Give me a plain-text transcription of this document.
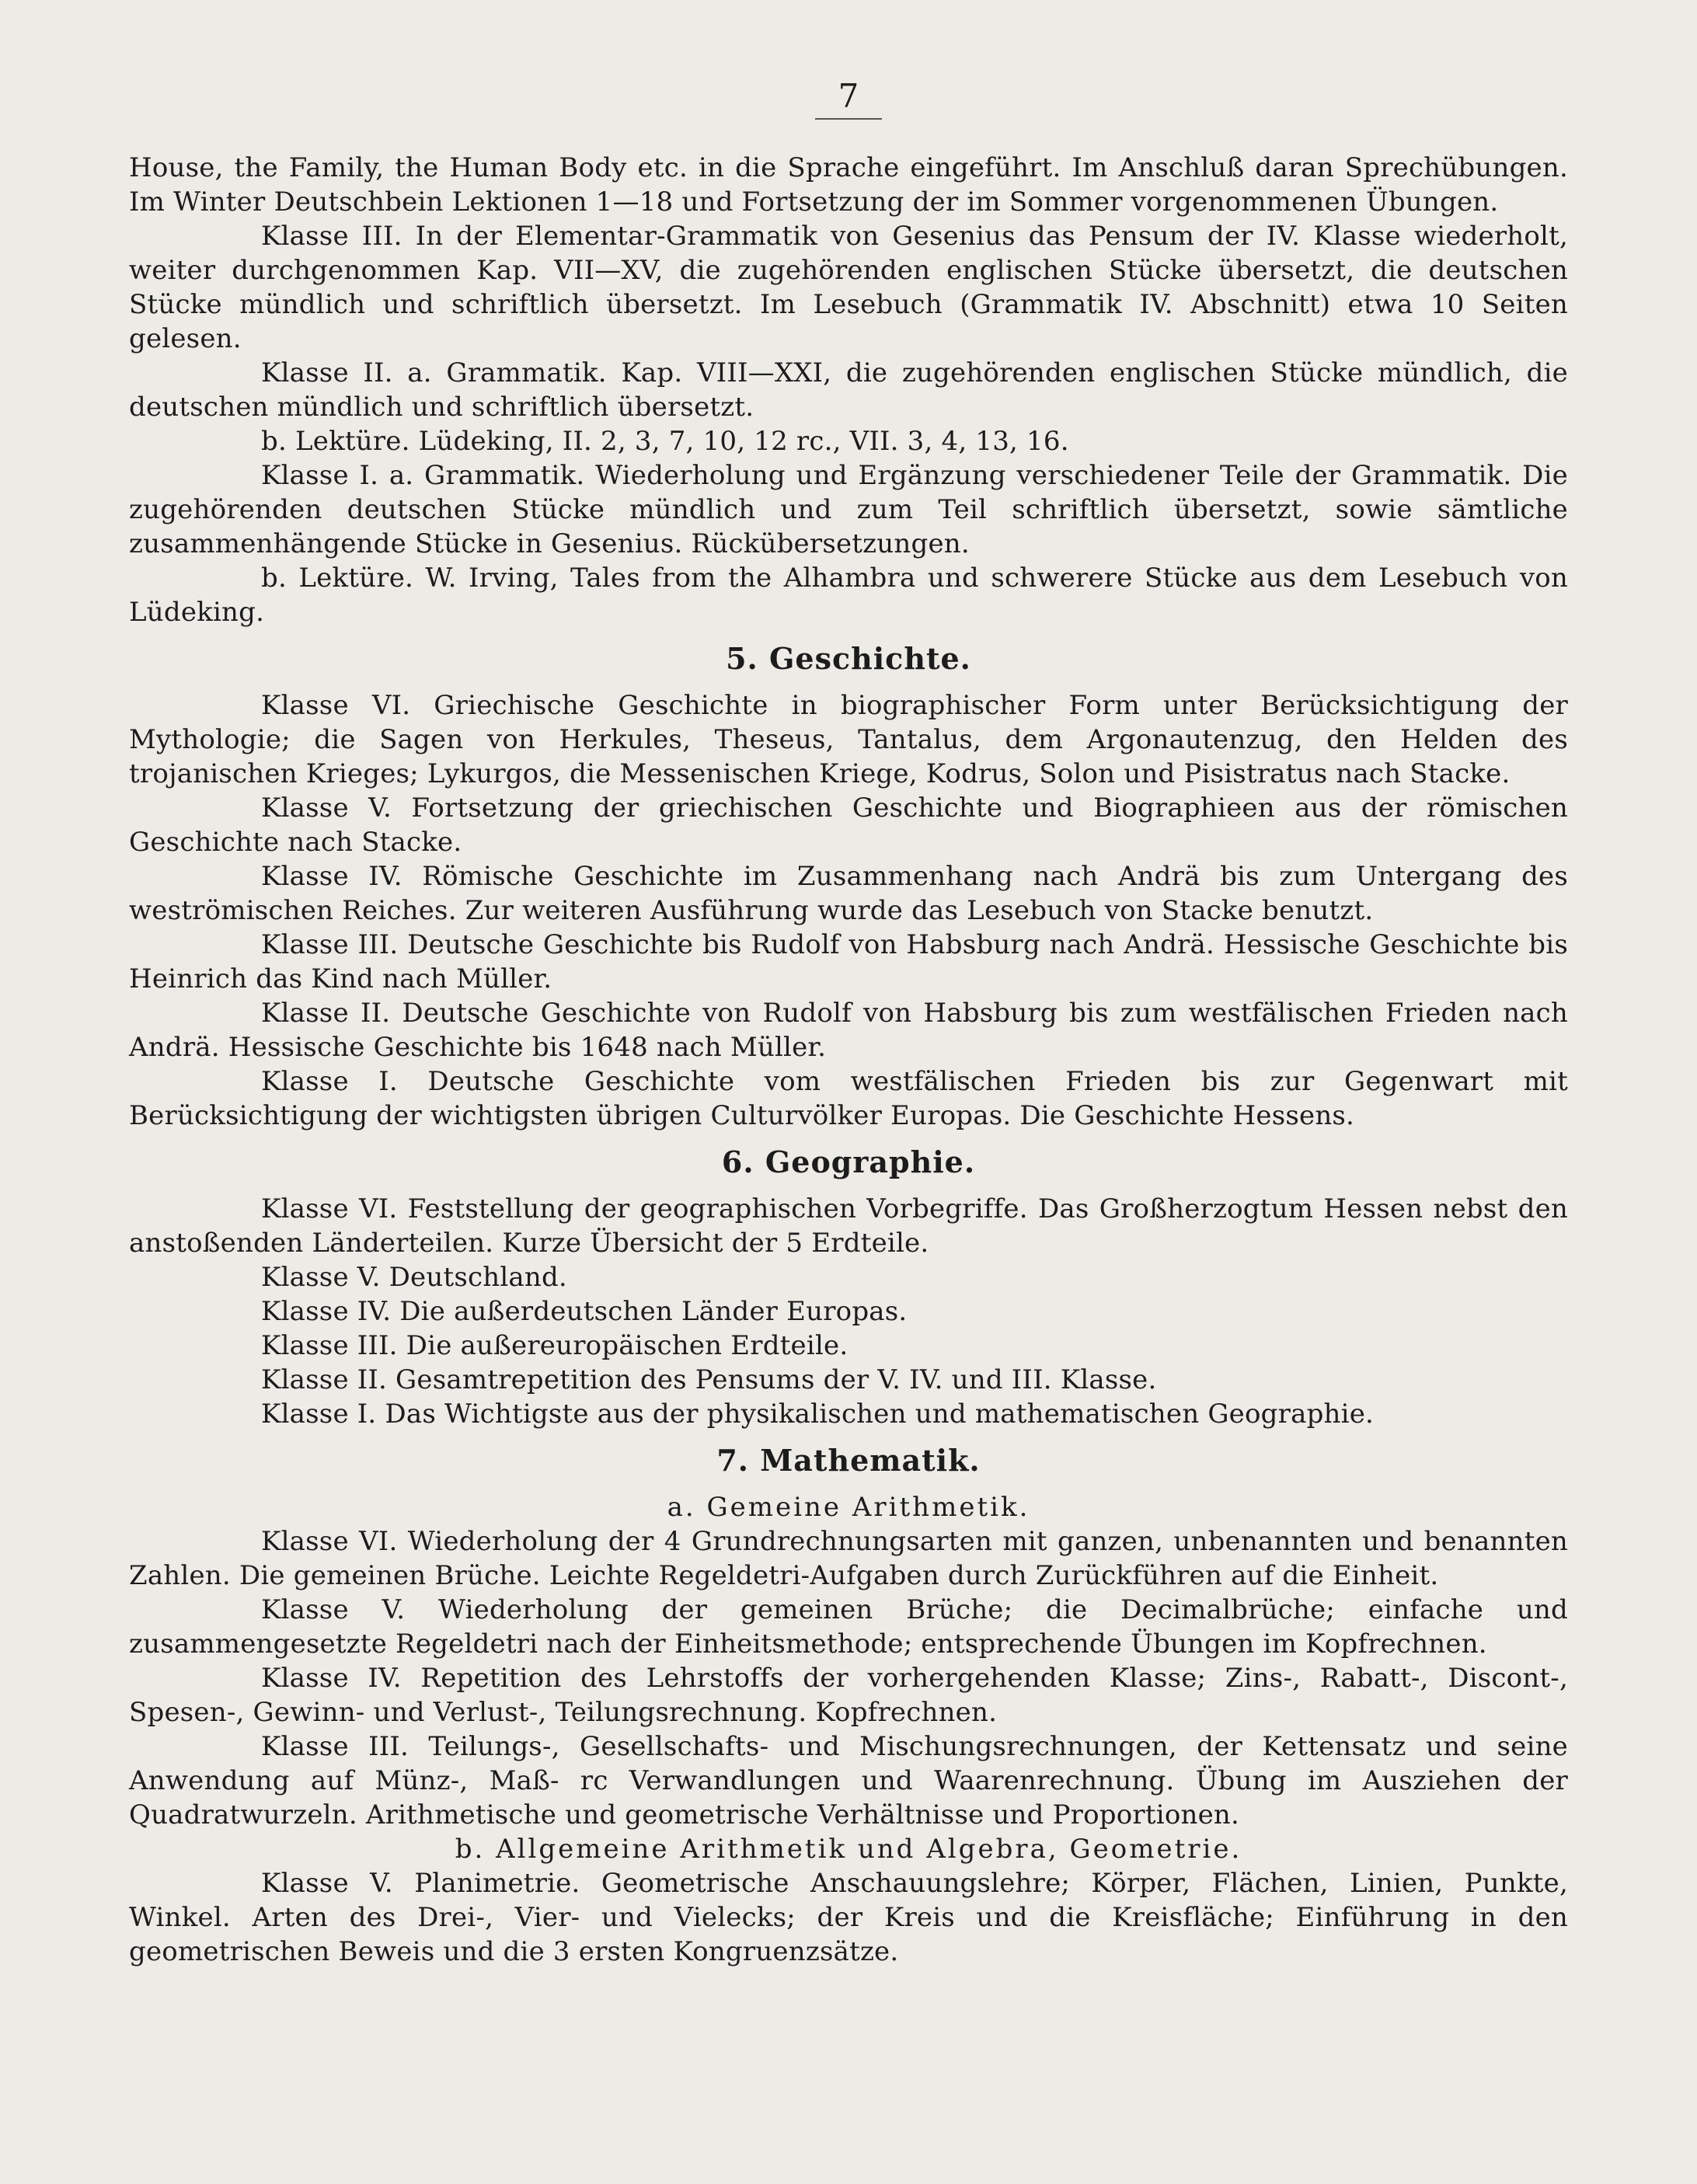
7

House, the Family, the Human Body etc. in die Sprache eingeführt. Im Anschluß daran Sprechübungen. Im Winter Deutschbein Lektionen 1—18 und Fortsetzung der im Sommer vorgenommenen Übungen.

Klasse III. In der Elementar-Grammatik von Gesenius das Pensum der IV. Klasse wiederholt, weiter durchgenommen Kap. VII—XV, die zugehörenden englischen Stücke übersetzt, die deutschen Stücke mündlich und schriftlich übersetzt. Im Lesebuch (Grammatik IV. Abschnitt) etwa 10 Seiten gelesen.

Klasse II. a. Grammatik. Kap. VIII—XXI, die zugehörenden englischen Stücke mündlich, die deutschen mündlich und schriftlich übersetzt.

b. Lektüre. Lüdeking, II. 2, 3, 7, 10, 12 rc., VII. 3, 4, 13, 16.

Klasse I. a. Grammatik. Wiederholung und Ergänzung verschiedener Teile der Grammatik. Die zugehörenden deutschen Stücke mündlich und zum Teil schriftlich übersetzt, sowie sämtliche zusammenhängende Stücke in Gesenius. Rückübersetzungen.

b. Lektüre. W. Irving, Tales from the Alhambra und schwerere Stücke aus dem Lesebuch von Lüdeking.

5. Geschichte.

Klasse VI. Griechische Geschichte in biographischer Form unter Berücksichtigung der Mythologie; die Sagen von Herkules, Theseus, Tantalus, dem Argonautenzug, den Helden des trojanischen Krieges; Lykurgos, die Messenischen Kriege, Kodrus, Solon und Pisistratus nach Stacke.

Klasse V. Fortsetzung der griechischen Geschichte und Biographieen aus der römischen Geschichte nach Stacke.

Klasse IV. Römische Geschichte im Zusammenhang nach Andrä bis zum Untergang des weströmischen Reiches. Zur weiteren Ausführung wurde das Lesebuch von Stacke benutzt.

Klasse III. Deutsche Geschichte bis Rudolf von Habsburg nach Andrä. Hessische Geschichte bis Heinrich das Kind nach Müller.

Klasse II. Deutsche Geschichte von Rudolf von Habsburg bis zum westfälischen Frieden nach Andrä. Hessische Geschichte bis 1648 nach Müller.

Klasse I. Deutsche Geschichte vom westfälischen Frieden bis zur Gegenwart mit Berücksichtigung der wichtigsten übrigen Culturvölker Europas. Die Geschichte Hessens.

6. Geographie.

Klasse VI. Feststellung der geographischen Vorbegriffe. Das Großherzogtum Hessen nebst den anstoßenden Länderteilen. Kurze Übersicht der 5 Erdteile.

Klasse V. Deutschland.

Klasse IV. Die außerdeutschen Länder Europas.

Klasse III. Die außereuropäischen Erdteile.

Klasse II. Gesamtrepetition des Pensums der V. IV. und III. Klasse.

Klasse I. Das Wichtigste aus der physikalischen und mathematischen Geographie.

7. Mathematik.
a. Gemeine Arithmetik.

Klasse VI. Wiederholung der 4 Grundrechnungsarten mit ganzen, unbenannten und benannten Zahlen. Die gemeinen Brüche. Leichte Regeldetri-Aufgaben durch Zurückführen auf die Einheit.

Klasse V. Wiederholung der gemeinen Brüche; die Decimalbrüche; einfache und zusammengesetzte Regeldetri nach der Einheitsmethode; entsprechende Übungen im Kopfrechnen.

Klasse IV. Repetition des Lehrstoffs der vorhergehenden Klasse; Zins-, Rabatt-, Discont-, Spesen-, Gewinn- und Verlust-, Teilungsrechnung. Kopfrechnen.

Klasse III. Teilungs-, Gesellschafts- und Mischungsrechnungen, der Kettensatz und seine Anwendung auf Münz-, Maß- rc Verwandlungen und Waarenrechnung. Übung im Ausziehen der Quadratwurzeln. Arithmetische und geometrische Verhältnisse und Proportionen.

b. Allgemeine Arithmetik und Algebra, Geometrie.

Klasse V. Planimetrie. Geometrische Anschauungslehre; Körper, Flächen, Linien, Punkte, Winkel. Arten des Drei-, Vier- und Vielecks; der Kreis und die Kreisfläche; Einführung in den geometrischen Beweis und die 3 ersten Kongruenzsätze.
